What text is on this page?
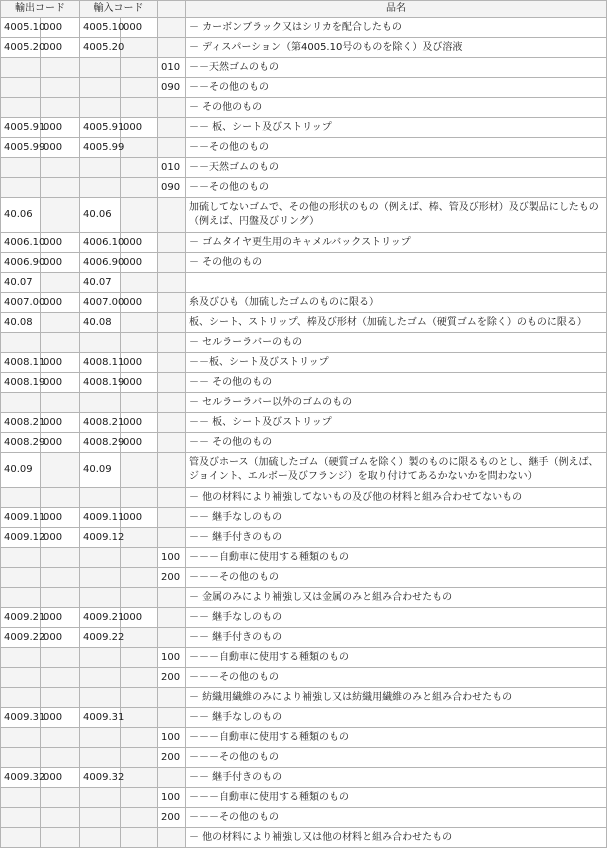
輸出コード		輸入コード			品名
4005.10	000	4005.10	000		－ カーボンブラック又はシリカを配合したもの
4005.20	000	4005.20			－ ディスパーション（第4005.10号のものを除く）及び溶液
				010	－－天然ゴムのもの
				090	－－その他のもの
					－ その他のもの
4005.91	000	4005.91	000		－－ 板、シート及びストリップ
4005.99	000	4005.99			－－その他のもの
				010	－－天然ゴムのもの
				090	－－その他のもの
40.06		40.06			加硫してないゴムで、その他の形状のもの（例えば、棒、管及び形材）及び製品にしたもの（例えば、円盤及びリング）
4006.10	000	4006.10	000		－ ゴムタイヤ更生用のキャメルバックストリップ
4006.90	000	4006.90	000		－ その他のもの
40.07		40.07			
4007.00	000	4007.00	000		糸及びひも（加硫したゴムのものに限る）
40.08		40.08			板、シート、ストリップ、棒及び形材（加硫したゴム（硬質ゴムを除く）のものに限る）
					－ セルラーラバーのもの
4008.11	000	4008.11	000		－－板、シート及びストリップ
4008.19	000	4008.19	000		－－ その他のもの
					－ セルラーラバー以外のゴムのもの
4008.21	000	4008.21	000		－－ 板、シート及びストリップ
4008.29	000	4008.29	000		－－ その他のもの
40.09		40.09			管及びホース（加硫したゴム（硬質ゴムを除く）製のものに限るものとし、継手（例えば、ジョイント、エルボー及びフランジ）を取り付けてあるかないかを問わない）
					－ 他の材料により補強してないもの及び他の材料と組み合わせてないもの
4009.11	000	4009.11	000		－－ 継手なしのもの
4009.12	000	4009.12			－－ 継手付きのもの
				100	－－－自動車に使用する種類のもの
				200	－－－その他のもの
					－ 金属のみにより補強し又は金属のみと組み合わせたもの
4009.21	000	4009.21	000		－－ 継手なしのもの
4009.22	000	4009.22			－－ 継手付きのもの
				100	－－－自動車に使用する種類のもの
				200	－－－その他のもの
					－ 紡織用繊維のみにより補強し又は紡織用繊維のみと組み合わせたもの
4009.31	000	4009.31			－－ 継手なしのもの
				100	－－－自動車に使用する種類のもの
				200	－－－その他のもの
4009.32	000	4009.32			－－ 継手付きのもの
				100	－－－自動車に使用する種類のもの
				200	－－－その他のもの
					－ 他の材料により補強し又は他の材料と組み合わせたもの
